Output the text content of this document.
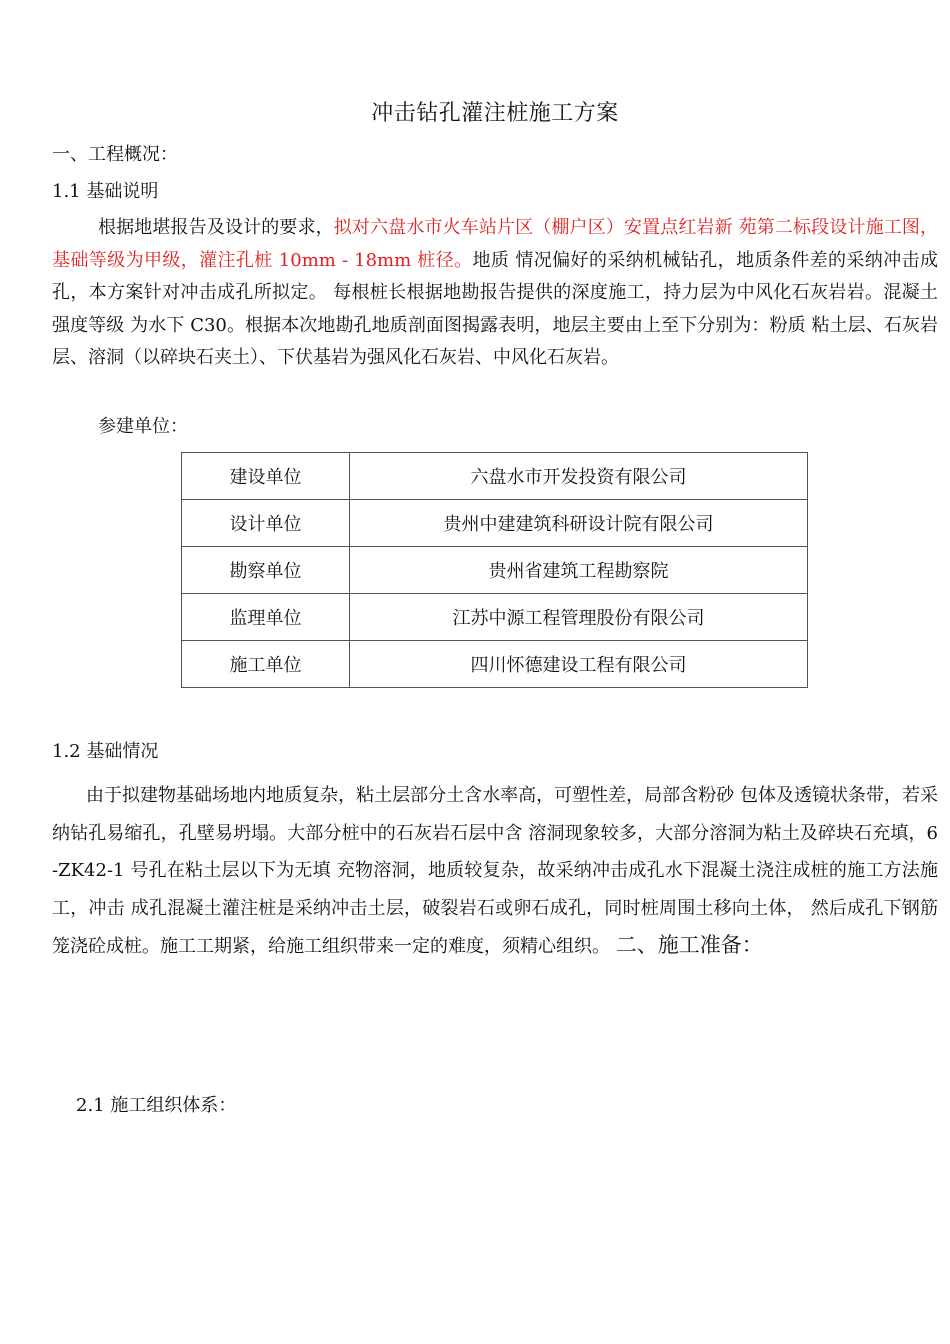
冲击钻孔灌注桩施工方案
一、工程概况：
1.1 基础说明

根据地堪报告及设计的要求，拟对六盘水市火车站片区（棚户区）安置点红岩新 苑第二标段设计施工图，基础等级为甲级，灌注孔桩 10mm - 18mm 桩径。地质 情况偏好的采纳机械钻孔，地质条件差的采纳冲击成孔，本方案针对冲击成孔所拟定。 每根桩长根据地勘报告提供的深度施工，持力层为中风化石灰岩岩。混凝土强度等级 为水下 C30。根据本次地勘孔地质剖面图揭露表明，地层主要由上至下分别为：粉质 粘土层、石灰岩层、溶洞（以碎块石夹土）、下伏基岩为强风化石灰岩、中风化石灰岩。

参建单位：
建设单位	六盘水市开发投资有限公司
设计单位	贵州中建建筑科研设计院有限公司
勘察单位	贵州省建筑工程勘察院
监理单位	江苏中源工程管理股份有限公司
施工单位	四川怀德建设工程有限公司
1.2 基础情况

由于拟建物基础场地内地质复杂，粘土层部分土含水率高，可塑性差，局部含粉砂 包体及透镜状条带，若采纳钻孔易缩孔，孔壁易坍塌。大部分桩中的石灰岩石层中含 溶洞现象较多，大部分溶洞为粘土及碎块石充填，6-ZK42-1 号孔在粘土层以下为无填 充物溶洞，地质较复杂，故采纳冲击成孔水下混凝土浇注成桩的施工方法施工，冲击 成孔混凝土灌注桩是采纳冲击土层，破裂岩石或卵石成孔，同时桩周围土移向土体， 然后成孔下钢筋笼浇砼成桩。施工工期紧，给施工组织带来一定的难度，须精心组织。 二、施工准备：

2.1 施工组织体系：
